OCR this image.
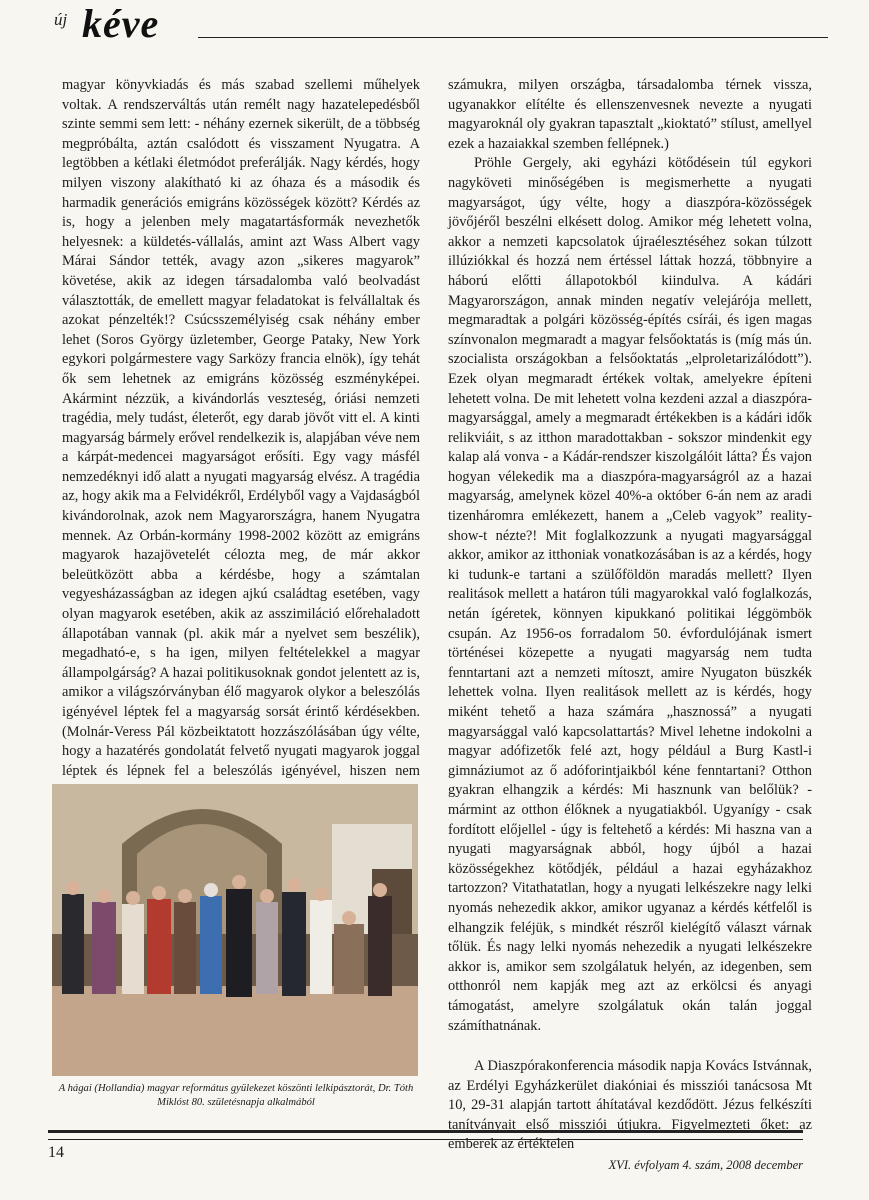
új kéve

magyar könyvkiadás és más szabad szellemi műhelyek voltak. A rendszerváltás után remélt nagy hazatelepedésből szinte semmi sem lett: - néhány ezernek sikerült, de a többség megpróbálta, aztán csalódott és visszament Nyugatra. A legtöbben a kétlaki életmódot preferálják. Nagy kérdés, hogy milyen viszony alakítható ki az óhaza és a második és harmadik generációs emigráns közösségek között? Kérdés az is, hogy a jelenben mely magatartásformák nevezhetők helyesnek: a küldetés-vállalás, amint azt Wass Albert vagy Márai Sándor tették, avagy azon „sikeres magyarok” követése, akik az idegen társadalomba való beolvadást választották, de emellett magyar feladatokat is felvállaltak és azokat pénzelték!? Csúcsszemélyiség csak néhány ember lehet (Soros György üzletember, George Pataky, New York egykori polgármestere vagy Sarközy francia elnök), így tehát ők sem lehetnek az emigráns közösség eszményképei. Akármint nézzük, a kivándorlás veszteség, óriási nemzeti tragédia, mely tudást, életerőt, egy darab jövőt vitt el. A kinti magyarság bármely erővel rendelkezik is, alapjában véve nem a kárpát-medencei magyarságot erősíti. Egy vagy másfél nemzedéknyi idő alatt a nyugati magyarság elvész. A tragédia az, hogy akik ma a Felvidékről, Erdélyből vagy a Vajdaságból kivándorolnak, azok nem Magyarországra, hanem Nyugatra mennek. Az Orbán-kormány 1998-2002 között az emigráns magyarok hazajövetelét célozta meg, de már akkor beleütközött abba a kérdésbe, hogy a számtalan vegyesházasságban az idegen ajkú családtag esetében, vagy olyan magyarok esetében, akik az asszimiláció előrehaladott állapotában vannak (pl. akik már a nyelvet sem beszélik), megadható-e, s ha igen, milyen feltételekkel a magyar állampolgárság? A hazai politikusoknak gondot jelentett az is, amikor a világszórványban élő magyarok olykor a beleszólás igényével léptek fel a magyarság sorsát érintő kérdésekben. (Molnár-Veress Pál közbeiktatott hozzászólásában úgy vélte, hogy a hazatérés gondolatát felvető nyugati magyarok joggal léptek és lépnek fel a beleszólás igényével, hiszen nem

számukra, milyen országba, társadalomba térnek vissza, ugyanakkor elítélte és ellenszenvesnek nevezte a nyugati magyaroknál oly gyakran tapasztalt „kioktató” stílust, amellyel ezek a hazaiakkal szemben fellépnek.)

Pröhle Gergely, aki egyházi kötődésein túl egykori nagyköveti minőségében is megismerhette a nyugati magyarságot, úgy vélte, hogy a diaszpóra-közösségek jövőjéről beszélni elkésett dolog. Amikor még lehetett volna, akkor a nemzeti kapcsolatok újraélesztéséhez sokan túlzott illúziókkal és hozzá nem értéssel láttak hozzá, többnyire a háború előtti állapotokból kiindulva. A kádári Magyarországon, annak minden negatív velejárója mellett, megmaradtak a polgári közösség-építés csírái, és igen magas színvonalon megmaradt a magyar felsőoktatás is (míg más ún. szocialista országokban a felsőoktatás „elproletarizálódott”). Ezek olyan megmaradt értékek voltak, amelyekre építeni lehetett volna. De mit lehetett volna kezdeni azzal a diaszpóra-magyarsággal, amely a megmaradt értékekben is a kádári idők relikviáit, s az itthon maradottakban - sokszor mindenkit egy kalap alá vonva - a Kádár-rendszer kiszolgálóit látta? És vajon hogyan vélekedik ma a diaszpóra-magyarságról az a hazai magyarság, amelynek közel 40%-a október 6-án nem az aradi tizenháromra emlékezett, hanem a „Celeb vagyok” reality-show-t nézte?! Mit foglalkozzunk a nyugati magyarsággal akkor, amikor az itthoniak vonatkozásában is az a kérdés, hogy ki tudunk-e tartani a szülőföldön maradás mellett? Ilyen realitások mellett a határon túli magyarokkal való foglalkozás, netán ígéretek, könnyen kipukkanó politikai léggömbök csupán. Az 1956-os forradalom 50. évfordulójának ismert történései közepette a nyugati magyarság nem tudta fenntartani azt a nemzeti mítoszt, amire Nyugaton büszkék lehettek volna. Ilyen realitások mellett az is kérdés, hogy miként tehető a haza számára „hasznossá” a nyugati magyarsággal való kapcsolattartás? Mivel lehetne indokolni a magyar adófizetők felé azt, hogy például a Burg Kastl-i gimnáziumot az ő adóforintjaikból kéne fenntartani? Otthon gyakran elhangzik a kérdés: Mi hasznunk van belőlük? - mármint az otthon élőknek a nyugatiakból. Ugyanígy - csak fordított előjellel - úgy is feltehető a kérdés: Mi haszna van a nyugati magyarságnak abból, hogy újból a hazai közösségekhez kötődjék, például a hazai egyházakhoz tartozzon? Vitathatatlan, hogy a nyugati lelkészekre nagy lelki nyomás nehezedik akkor, amikor ugyanaz a kérdés kétfelől is elhangzik feléjük, s mindkét részről kielégítő választ várnak tőlük. És nagy lelki nyomás nehezedik a nyugati lelkészekre akkor is, amikor sem szolgálatuk helyén, az idegenben, sem otthonról nem kapják meg azt az erkölcsi és anyagi támogatást, amelyre szolgálatuk okán talán joggal számíthatnának.

A Diaszpórakonferencia második napja Kovács Istvánnak, az Erdélyi Egyházkerület diakóniai és missziói tanácsosa Mt 10, 29-31 alapján tartott áhítatával kezdődött. Jézus felkészíti tanítványait első missziói útjukra. Figyelmezteti őket: az emberek az értéktelen

A hágai (Hollandia) magyar református gyülekezet köszönti lelkipásztorát, Dr. Tóth Miklóst 80. születésnapja alkalmából
14
XVI. évfolyam 4. szám, 2008 december
